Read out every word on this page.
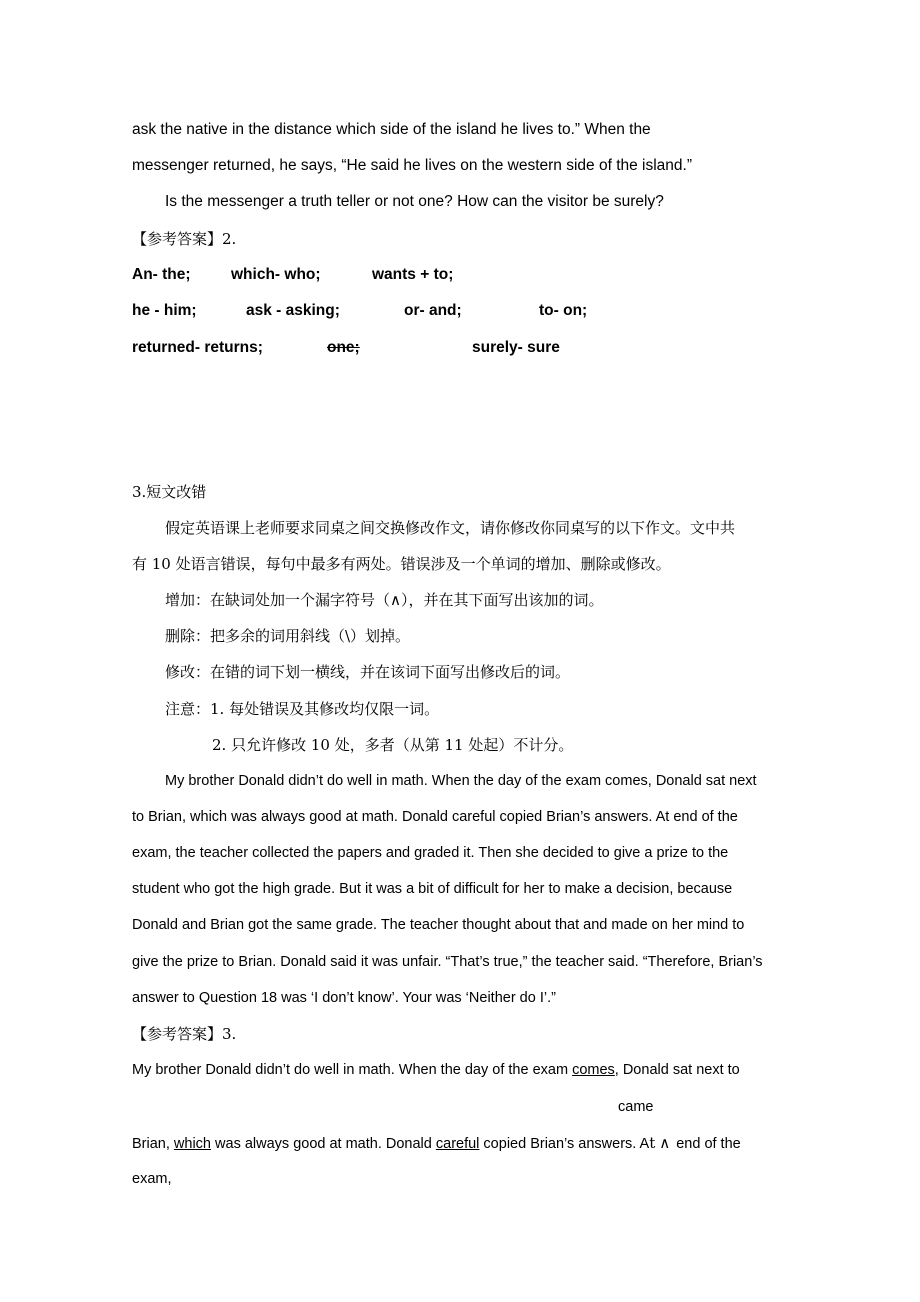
ask the native in the distance which side of the island he lives to.” When the
messenger returned, he says, “He said he lives on the western side of the island.”
Is the messenger a truth teller or not one? How can the visitor be surely?
【参考答案】2.
An- the;	which- who;	wants + to;
he - him;	ask - asking;	or- and;	to- on;
returned- returns;	one;	surely- sure
3.短文改错
假定英语课上老师要求同桌之间交换修改作文，请你修改你同桌写的以下作文。文中共
有 10 处语言错误，每句中最多有两处。错误涉及一个单词的增加、删除或修改。
增加：在缺词处加一个漏字符号（∧），并在其下面写出该加的词。
删除：把多余的词用斜线（\）划掉。
修改：在错的词下划一横线，并在该词下面写出修改后的词。
注意：1. 每处错误及其修改均仅限一词。
2. 只允许修改 10 处，多者（从第 11 处起）不计分。
My brother Donald didn’t do well in math. When the day of the exam comes, Donald sat next
to Brian, which was always good at math. Donald careful copied Brian’s answers. At end of the
exam, the teacher collected the papers and graded it. Then she decided to give a prize to the
student who got the high grade. But it was a bit of difficult for her to make a decision, because
Donald and Brian got the same grade. The teacher thought about that and made on her mind to
give the prize to Brian. Donald said it was unfair. “That’s true,” the teacher said. “Therefore, Brian’s
answer to Question 18 was ‘I don’t know’. Your was ‘Neither do I’.”
【参考答案】3.
My brother Donald didn’t do well in math. When the day of the exam comes, Donald sat next to
came
Brian, which was always good at math. Donald careful copied Brian’s answers. At ∧ end of the
exam,
